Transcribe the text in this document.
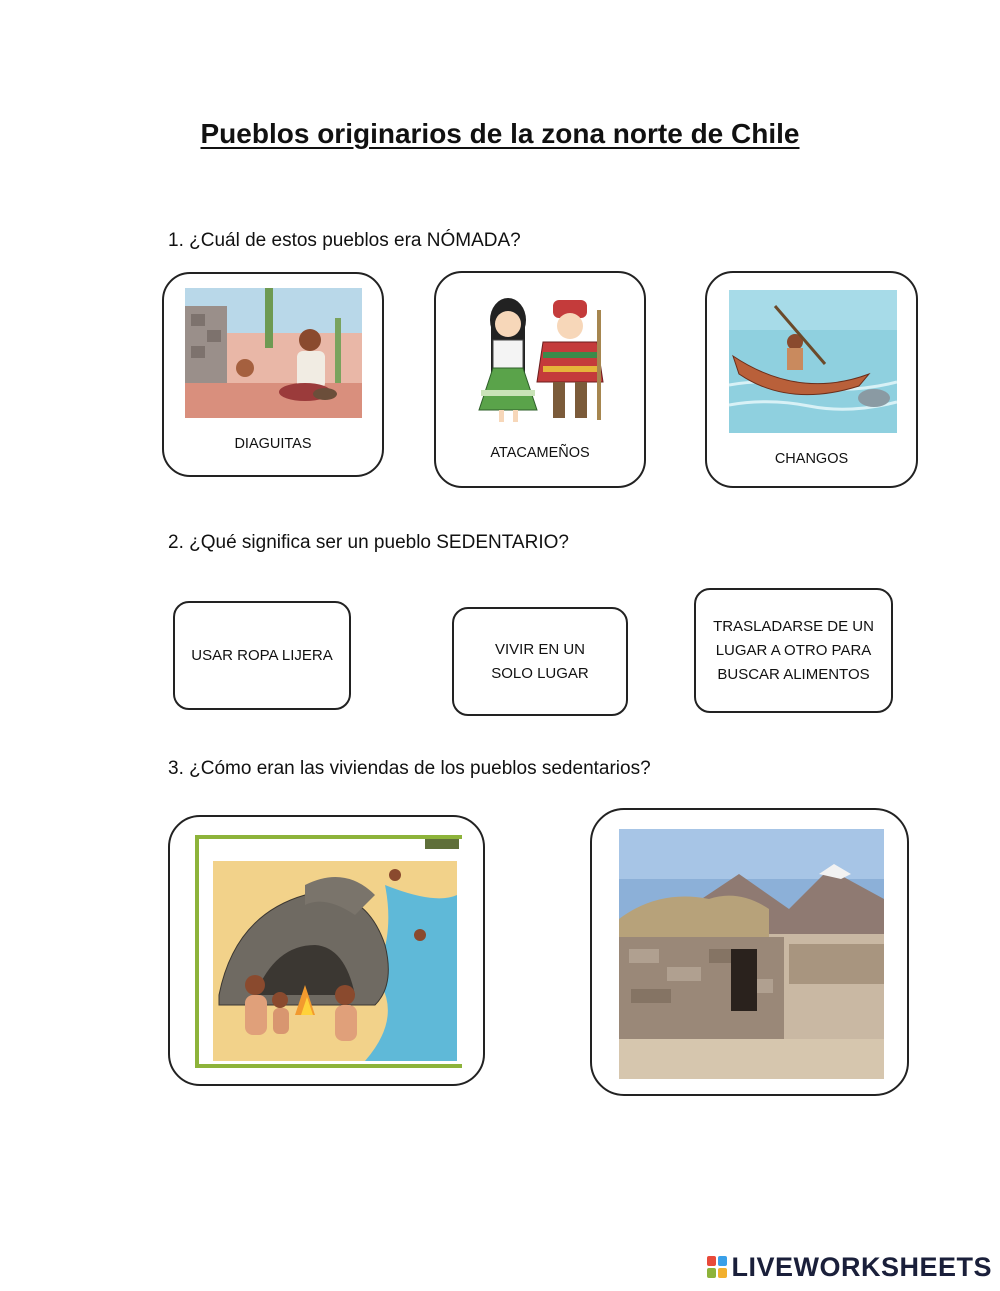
Pueblos originarios de la zona norte de Chile
1. ¿Cuál de estos pueblos era NÓMADA?
DIAGUITAS
ATACAMEÑOS	CHANGOS
2. ¿Qué significa ser un pueblo SEDENTARIO?
USAR ROPA LIJERA	VIVIR EN UN SOLO LUGAR
TRASLADARSE DE UN LUGAR A OTRO PARA BUSCAR ALIMENTOS
3. ¿Cómo eran las viviendas de los pueblos sedentarios?
LIVEWORKSHEETS
